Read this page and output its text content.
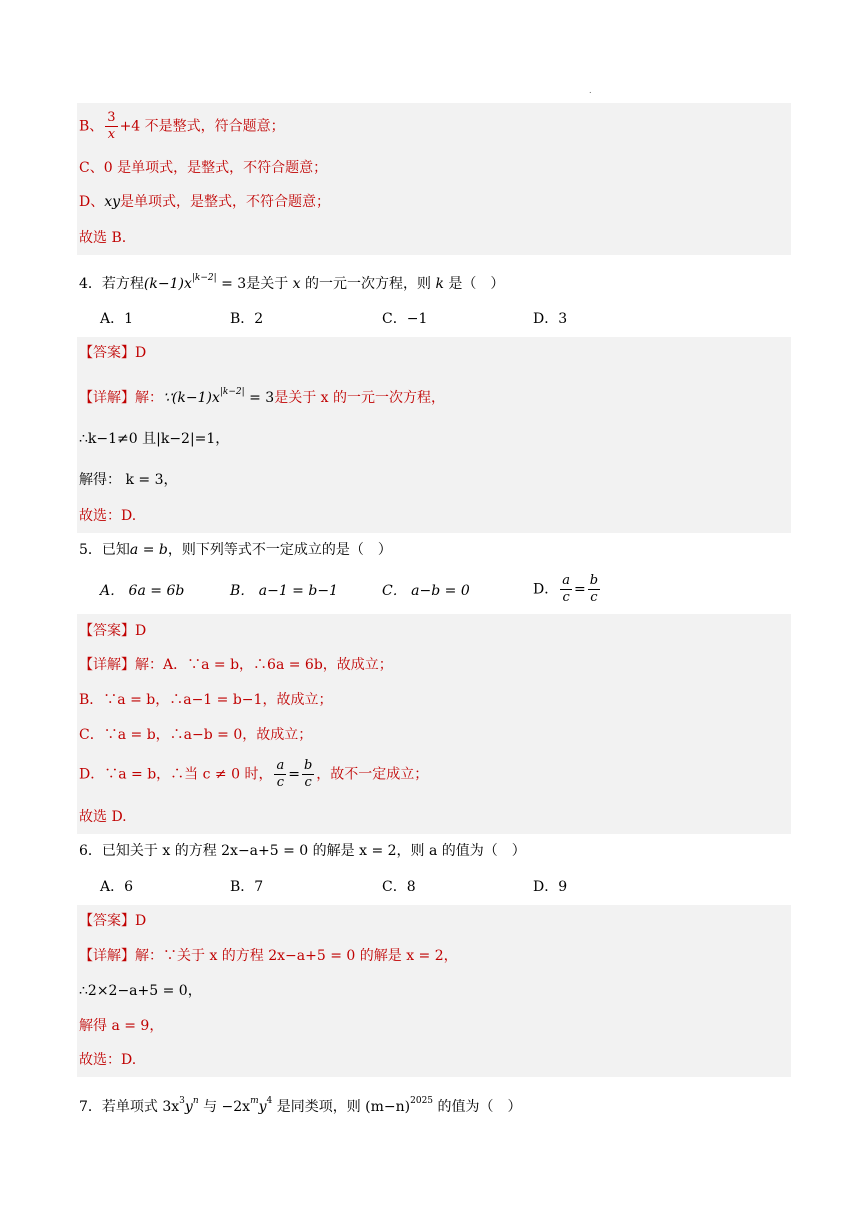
.
B、 $\frac{3}{x} +4$ 不是整式，符合题意；
C、0 是单项式，是整式，不符合题意；
D、xy是单项式，是整式，不符合题意；
故选 B.
4．若方程$(k-1)x^{|k-2|} = 3$是关于 x 的一元一次方程，则 k 是（　）
A．1	B．2	C．−1	D．3
【答案】D
【详解】解：$\because(k-1)x^{|k-2|} = 3$是关于 x 的一元一次方程，
∴k−1≠0 且|k−2|=1，
解得： k = 3，
故选：D.
5．已知a = b，则下列等式不一定成立的是（　）
A． 6a = 6b	B． a−1 = b−1	C． a−b = 0	D． $\frac{a}{c} = \frac{b}{c}$
【答案】D
【详解】解：A．∵a = b，∴6a = 6b，故成立；
B．∵a = b，∴a−1 = b−1，故成立；
C．∵a = b，∴a−b = 0，故成立；
D．∵a = b，∴当 c ≠ 0 时， $\frac{a}{c} = \frac{b}{c}$ ，故不一定成立；
故选 D.
6．已知关于 x 的方程 2x−a+5 = 0 的解是 x = 2，则 a 的值为（　）
A．6	B．7	C．8	D．9
【答案】D
【详解】解：∵关于 x 的方程 2x−a+5 = 0 的解是 x = 2，
∴2×2−a+5 = 0，
解得 a = 9，
故选：D.
7．若单项式 $3x^3y^n$ 与 $-2x^my^4$ 是同类项，则 $(m-n)^{2025}$ 的值为（　）
